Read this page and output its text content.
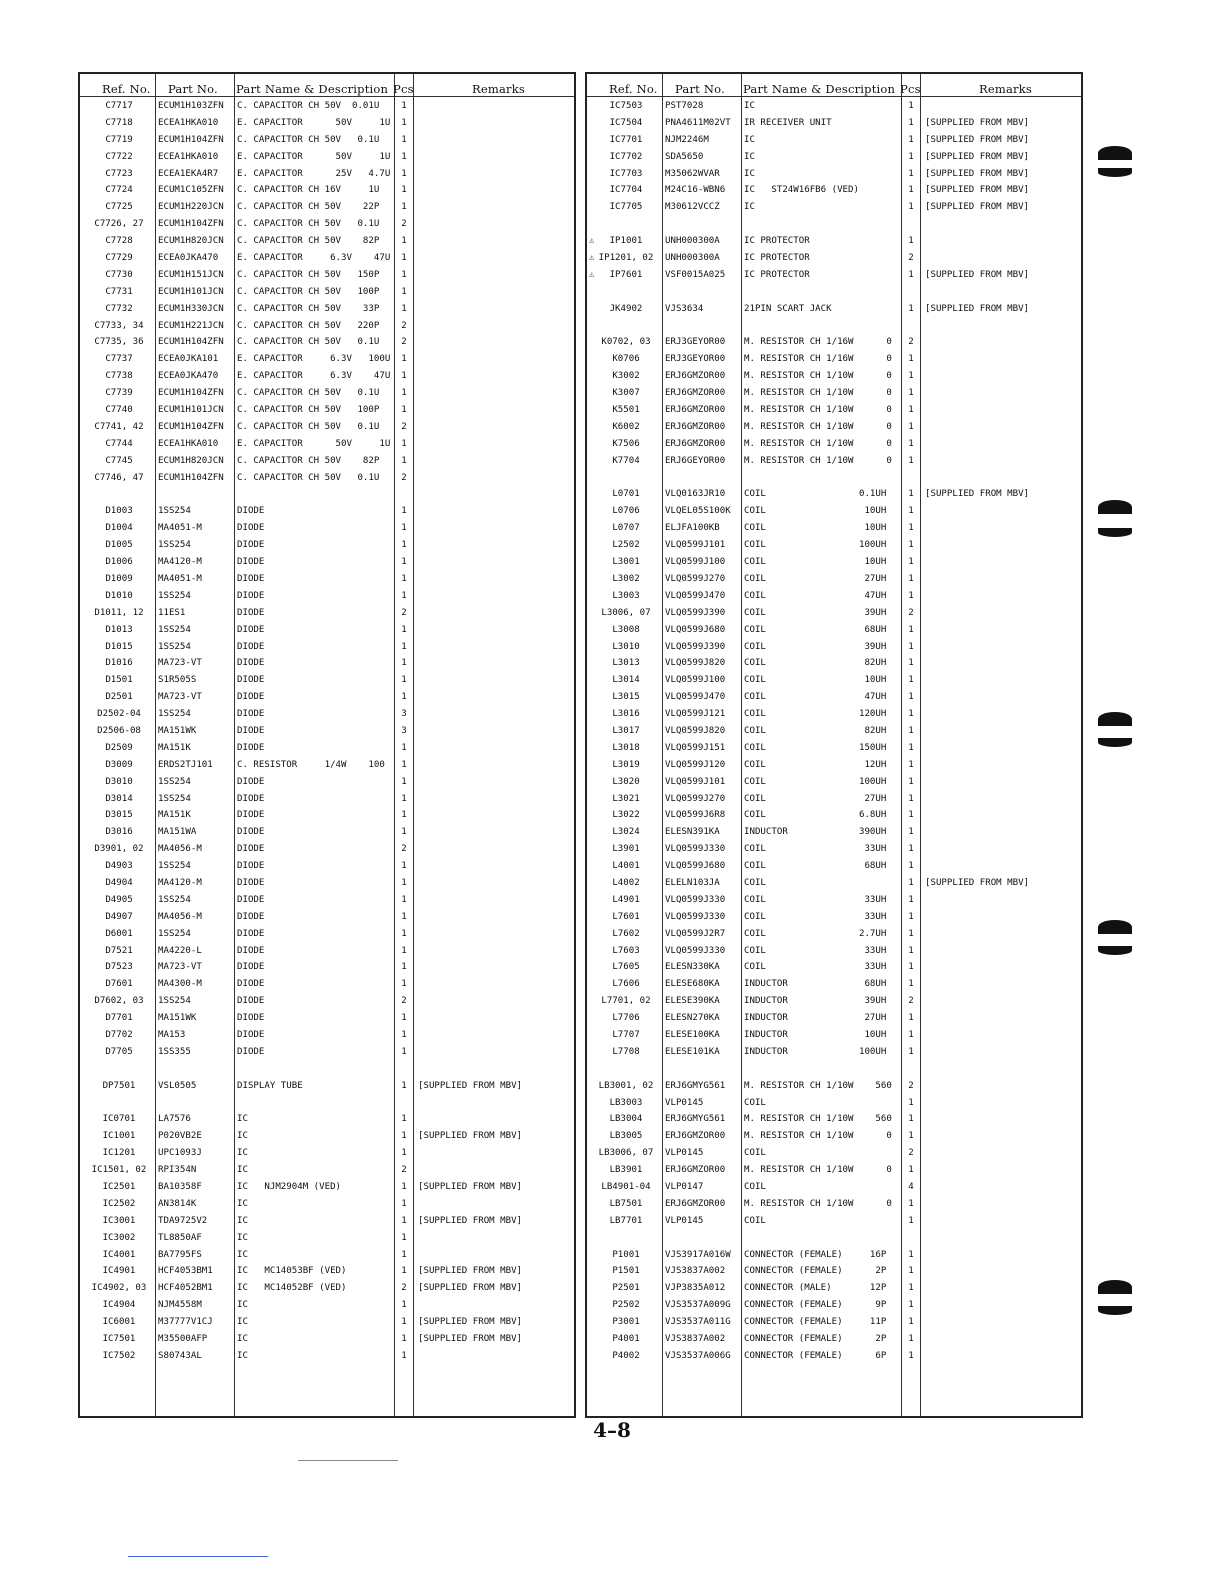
Ref. No. Part No. Part Name & Description Pcs	Remarks
C7717	ECUM1H103ZFN	C. CAPACITOR CH 50V  0.01U	1
C7718	ECEA1HKA010	E. CAPACITOR      50V     1U	1
C7719	ECUM1H104ZFN	C. CAPACITOR CH 50V   0.1U	1
C7722	ECEA1HKA010	E. CAPACITOR      50V     1U	1
C7723	ECEA1EKA4R7	E. CAPACITOR      25V   4.7U	1
C7724	ECUM1C105ZFN	C. CAPACITOR CH 16V     1U	1
C7725	ECUM1H220JCN	C. CAPACITOR CH 50V    22P	1
C7726, 27	ECUM1H104ZFN	C. CAPACITOR CH 50V   0.1U	2
C7728	ECUM1H820JCN	C. CAPACITOR CH 50V    82P	1
C7729	ECEA0JKA470	E. CAPACITOR     6.3V    47U	1
C7730	ECUM1H151JCN	C. CAPACITOR CH 50V   150P	1
C7731	ECUM1H101JCN	C. CAPACITOR CH 50V   100P	1
C7732	ECUM1H330JCN	C. CAPACITOR CH 50V    33P	1
C7733, 34	ECUM1H221JCN	C. CAPACITOR CH 50V   220P	2
C7735, 36	ECUM1H104ZFN	C. CAPACITOR CH 50V   0.1U	2
C7737	ECEA0JKA101	E. CAPACITOR     6.3V   100U	1
C7738	ECEA0JKA470	E. CAPACITOR     6.3V    47U	1
C7739	ECUM1H104ZFN	C. CAPACITOR CH 50V   0.1U	1
C7740	ECUM1H101JCN	C. CAPACITOR CH 50V   100P	1
C7741, 42	ECUM1H104ZFN	C. CAPACITOR CH 50V   0.1U	2
C7744	ECEA1HKA010	E. CAPACITOR      50V     1U	1
C7745	ECUM1H820JCN	C. CAPACITOR CH 50V    82P	1
C7746, 47	ECUM1H104ZFN	C. CAPACITOR CH 50V   0.1U	2
D1003	1SS254	DIODE	1
D1004	MA4051-M	DIODE	1
D1005	1SS254	DIODE	1
D1006	MA4120-M	DIODE	1
D1009	MA4051-M	DIODE	1
D1010	1SS254	DIODE	1
D1011, 12	11ES1	DIODE	2
D1013	1SS254	DIODE	1
D1015	1SS254	DIODE	1
D1016	MA723-VT	DIODE	1
D1501	S1R505S	DIODE	1
D2501	MA723-VT	DIODE	1
D2502-04	1SS254	DIODE	3
D2506-08	MA151WK	DIODE	3
D2509	MA151K	DIODE	1
D3009	ERDS2TJ101	C. RESISTOR     1/4W    100	1
D3010	1SS254	DIODE	1
D3014	1SS254	DIODE	1
D3015	MA151K	DIODE	1
D3016	MA151WA	DIODE	1
D3901, 02	MA4056-M	DIODE	2
D4903	1SS254	DIODE	1
D4904	MA4120-M	DIODE	1
D4905	1SS254	DIODE	1
D4907	MA4056-M	DIODE	1
D6001	1SS254	DIODE	1
D7521	MA4220-L	DIODE	1
D7523	MA723-VT	DIODE	1
D7601	MA4300-M	DIODE	1
D7602, 03	1SS254	DIODE	2
D7701	MA151WK	DIODE	1
D7702	MA153	DIODE	1
D7705	1SS355	DIODE	1
DP7501	VSL0505	DISPLAY TUBE	1	[SUPPLIED FROM MBV]
IC0701	LA7576	IC	1
IC1001	P020VB2E	IC	1	[SUPPLIED FROM MBV]
IC1201	UPC1093J	IC	1
IC1501, 02	RPI354N	IC	2
IC2501	BA10358F	IC   NJM2904M (VED)	1	[SUPPLIED FROM MBV]
IC2502	AN3814K	IC	1
IC3001	TDA9725V2	IC	1	[SUPPLIED FROM MBV]
IC3002	TL8850AF	IC	1
IC4001	BA7795FS	IC	1
IC4901	HCF4053BM1	IC   MC14053BF (VED)	1	[SUPPLIED FROM MBV]
IC4902, 03	HCF4052BM1	IC   MC14052BF (VED)	2	[SUPPLIED FROM MBV]
IC4904	NJM4558M	IC	1
IC6001	M37777V1CJ	IC	1	[SUPPLIED FROM MBV]
IC7501	M35500AFP	IC	1	[SUPPLIED FROM MBV]
IC7502	S80743AL	IC	1
Ref. No. Part No. Part Name & Description Pcs	Remarks
IC7503	PST7028	IC	1
IC7504	PNA4611M02VT	IR RECEIVER UNIT	1	[SUPPLIED FROM MBV]
IC7701	NJM2246M	IC	1	[SUPPLIED FROM MBV]
IC7702	SDA5650	IC	1	[SUPPLIED FROM MBV]
IC7703	M35062WVAR	IC	1	[SUPPLIED FROM MBV]
IC7704	M24C16-WBN6	IC   ST24W16FB6 (VED)	1	[SUPPLIED FROM MBV]
IC7705	M30612VCCZ	IC	1	[SUPPLIED FROM MBV]
⚠	IP1001	UNH000300A	IC PROTECTOR	1
⚠ IP1201, 02	UNH000300A	IC PROTECTOR	2
⚠	IP7601	VSF0015A025	IC PROTECTOR	1	[SUPPLIED FROM MBV]
JK4902	VJS3634	21PIN SCART JACK	1	[SUPPLIED FROM MBV]
K0702, 03	ERJ3GEYOR00	M. RESISTOR CH 1/16W      0	2
K0706	ERJ3GEYOR00	M. RESISTOR CH 1/16W      0	1
K3002	ERJ6GMZOR00	M. RESISTOR CH 1/10W      0	1
K3007	ERJ6GMZOR00	M. RESISTOR CH 1/10W      0	1
K5501	ERJ6GMZOR00	M. RESISTOR CH 1/10W      0	1
K6002	ERJ6GMZOR00	M. RESISTOR CH 1/10W      0	1
K7506	ERJ6GMZOR00	M. RESISTOR CH 1/10W      0	1
K7704	ERJ6GEYOR00	M. RESISTOR CH 1/10W      0	1
L0701	VLQ0163JR10	COIL                 0.1UH	1	[SUPPLIED FROM MBV]
L0706	VLQEL05S100K	COIL                  10UH	1
L0707	ELJFA100KB	COIL                  10UH	1
L2502	VLQ0599J101	COIL                 100UH	1
L3001	VLQ0599J100	COIL                  10UH	1
L3002	VLQ0599J270	COIL                  27UH	1
L3003	VLQ0599J470	COIL                  47UH	1
L3006, 07	VLQ0599J390	COIL                  39UH	2
L3008	VLQ0599J680	COIL                  68UH	1
L3010	VLQ0599J390	COIL                  39UH	1
L3013	VLQ0599J820	COIL                  82UH	1
L3014	VLQ0599J100	COIL                  10UH	1
L3015	VLQ0599J470	COIL                  47UH	1
L3016	VLQ0599J121	COIL                 120UH	1
L3017	VLQ0599J820	COIL                  82UH	1
L3018	VLQ0599J151	COIL                 150UH	1
L3019	VLQ0599J120	COIL                  12UH	1
L3020	VLQ0599J101	COIL                 100UH	1
L3021	VLQ0599J270	COIL                  27UH	1
L3022	VLQ0599J6R8	COIL                 6.8UH	1
L3024	ELESN391KA	INDUCTOR             390UH	1
L3901	VLQ0599J330	COIL                  33UH	1
L4001	VLQ0599J680	COIL                  68UH	1
L4002	ELELN103JA	COIL	1	[SUPPLIED FROM MBV]
L4901	VLQ0599J330	COIL                  33UH	1
L7601	VLQ0599J330	COIL                  33UH	1
L7602	VLQ0599J2R7	COIL                 2.7UH	1
L7603	VLQ0599J330	COIL                  33UH	1
L7605	ELESN330KA	COIL                  33UH	1
L7606	ELESE680KA	INDUCTOR              68UH	1
L7701, 02	ELESE390KA	INDUCTOR              39UH	2
L7706	ELESN270KA	INDUCTOR              27UH	1
L7707	ELESE100KA	INDUCTOR              10UH	1
L7708	ELESE101KA	INDUCTOR             100UH	1
LB3001, 02	ERJ6GMYG561	M. RESISTOR CH 1/10W    560	2
LB3003	VLP0145	COIL	1
LB3004	ERJ6GMYG561	M. RESISTOR CH 1/10W    560	1
LB3005	ERJ6GMZOR00	M. RESISTOR CH 1/10W      0	1
LB3006, 07	VLP0145	COIL	2
LB3901	ERJ6GMZOR00	M. RESISTOR CH 1/10W      0	1
LB4901-04	VLP0147	COIL	4
LB7501	ERJ6GMZOR00	M. RESISTOR CH 1/10W      0	1
LB7701	VLP0145	COIL	1
P1001	VJS3917A016W	CONNECTOR (FEMALE)     16P	1
P1501	VJS3837A002	CONNECTOR (FEMALE)      2P	1
P2501	VJP3835A012	CONNECTOR (MALE)       12P	1
P2502	VJS3537A009G	CONNECTOR (FEMALE)      9P	1
P3001	VJS3537A011G	CONNECTOR (FEMALE)     11P	1
P4001	VJS3837A002	CONNECTOR (FEMALE)      2P	1
P4002	VJS3537A006G	CONNECTOR (FEMALE)      6P	1
4–8
